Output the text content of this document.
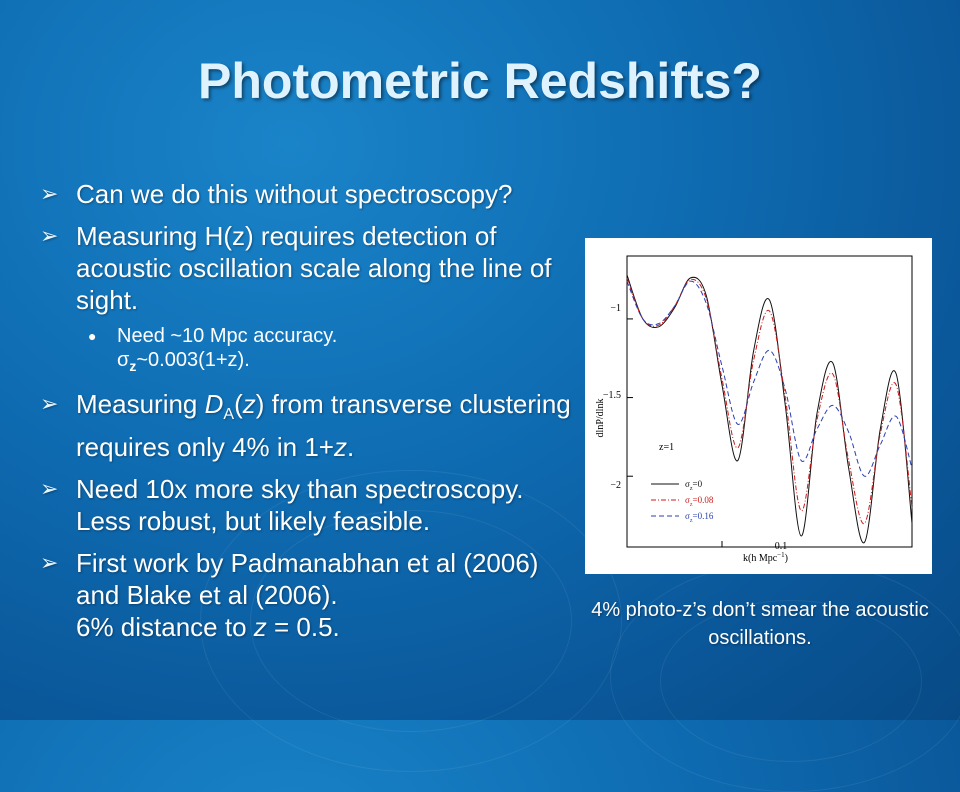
Photometric Redshifts?
➢ Can we do this without spectroscopy?
➢ Measuring H(z) requires detection of acoustic oscillation scale along the line of sight.
● Need ~10 Mpc accuracy.
$\sigma_z\sim 0.003(1+z)$.
➢ Measuring $D_A(z)$ from transverse clustering requires only 4% in 1+z.
➢ Need 10x more sky than spectroscopy. Less robust, but likely feasible.
➢ First work by Padmanabhan et al (2006) and Blake et al (2006).
6% distance to z = 0.5.
−1
−1.5
−2
dlnP/dlnk
0.1
k(h Mpc$^{-1}$)
z=1
$\sigma_z=0$
$\sigma_z=0.08$
$\sigma_z=0.16$
4% photo-z’s don’t smear the acoustic oscillations.
